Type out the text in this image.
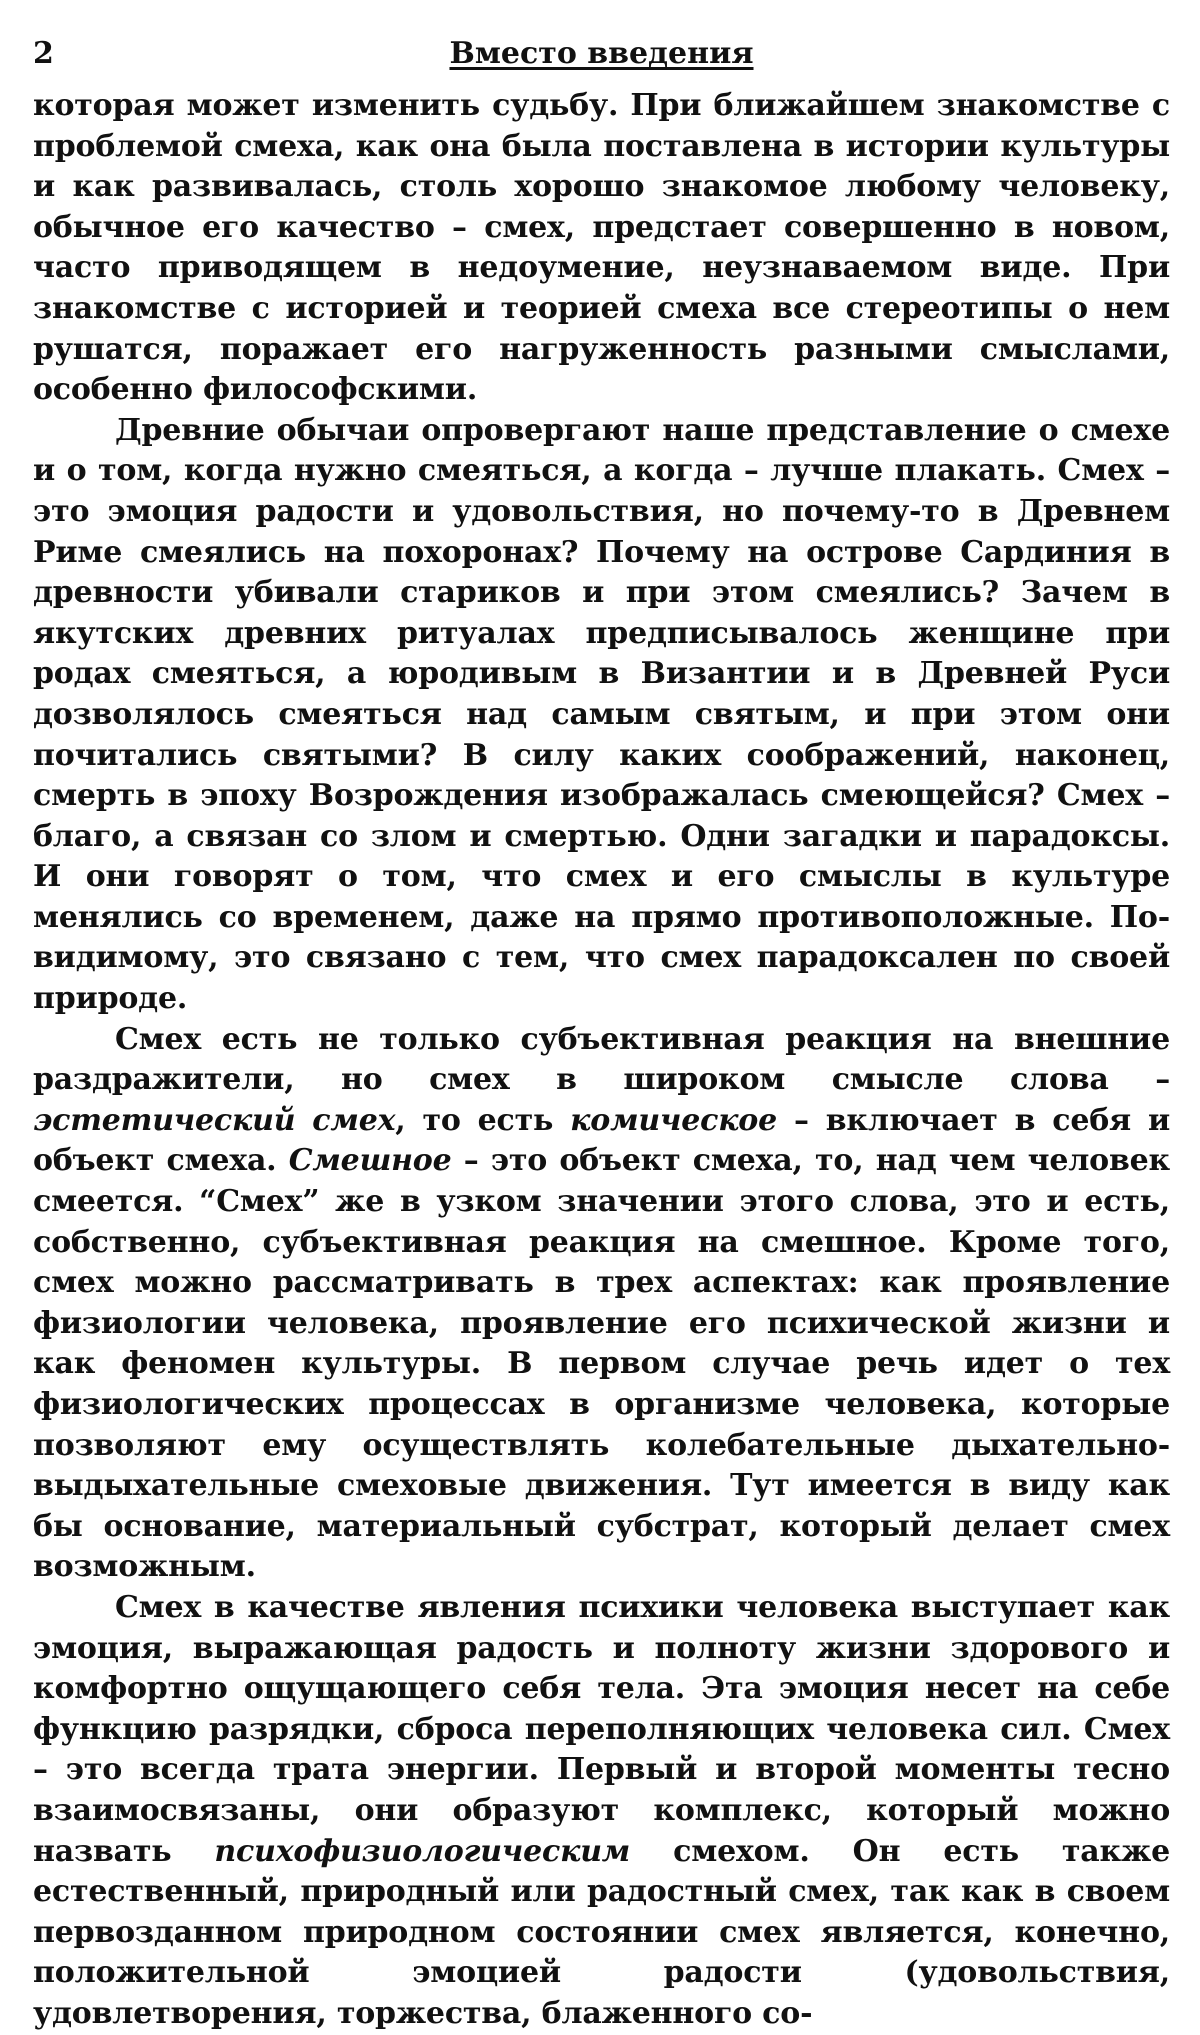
2	Вместо введения

которая может изменить судьбу. При ближайшем знакомстве с проблемой смеха, как она была поставлена в истории культуры и как развивалась, столь хорошо знакомое любому человеку, обычное его качество – смех, предстает совершенно в новом, часто приводящем в недоумение, неузнаваемом виде. При знакомстве с историей и теорией смеха все стереотипы о нем рушатся, поражает его нагруженность разными смыслами, особенно философскими.

Древние обычаи опровергают наше представление о смехе и о том, когда нужно смеяться, а когда – лучше плакать. Смех – это эмоция радости и удовольствия, но почему-то в Древнем Риме смеялись на похоронах? Почему на острове Сардиния в древности убивали стариков и при этом смеялись? Зачем в якутских древних ритуалах предписывалось женщине при родах смеяться, а юродивым в Византии и в Древней Руси дозволялось смеяться над самым святым, и при этом они почитались святыми? В силу каких соображений, наконец, смерть в эпоху Возрождения изображалась смеющейся? Смех – благо, а связан со злом и смертью. Одни загадки и парадоксы. И они говорят о том, что смех и его смыслы в культуре менялись со временем, даже на прямо противоположные. По-видимому, это связано с тем, что смех парадоксален по своей природе.

Смех есть не только субъективная реакция на внешние раздражители, но смех в широком смысле слова – эстетический смех, то есть комическое – включает в себя и объект смеха. Смешное – это объект смеха, то, над чем человек смеется. “Смех” же в узком значении этого слова, это и есть, собственно, субъективная реакция на смешное. Кроме того, смех можно рассматривать в трех аспектах: как проявление физиологии человека, проявление его психической жизни и как феномен культуры. В первом случае речь идет о тех физиологических процессах в организме человека, которые позволяют ему осуществлять колебательные дыхательно-выдыхательные смеховые движения. Тут имеется в виду как бы основание, материальный субстрат, который делает смех возможным.

Смех в качестве явления психики человека выступает как эмоция, выражающая радость и полноту жизни здорового и комфортно ощущающего себя тела. Эта эмоция несет на себе функцию разрядки, сброса переполняющих человека сил. Смех – это всегда трата энергии. Первый и второй моменты тесно взаимосвязаны, они образуют комплекс, который можно назвать психофизиологическим смехом. Он есть также естественный, природный или радостный смех, так как в своем первозданном природном состоянии смех является, конечно, положительной эмоцией радости (удовольствия, удовлетворения, торжества, блаженного со-
